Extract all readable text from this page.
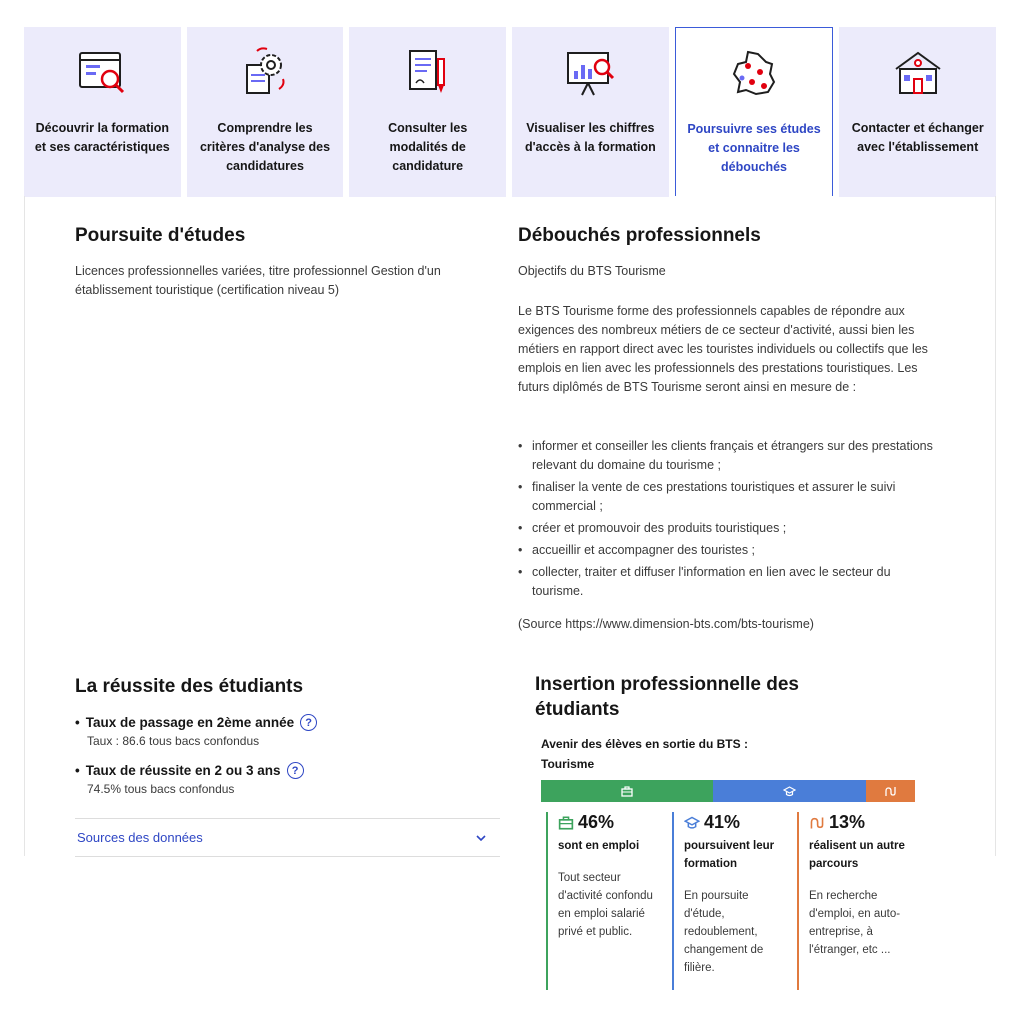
Découvrir la formation et ses caractéristiques
Comprendre les critères d'analyse des candidatures
Consulter les modalités de candidature
Visualiser les chiffres d'accès à la formation
Poursuivre ses études et connaitre les débouchés
Contacter et échanger avec l'établissement
Poursuite d'études

Licences professionnelles variées, titre professionnel Gestion d'un établissement touristique (certification niveau 5)

Débouchés professionnels

Objectifs du BTS Tourisme

Le BTS Tourisme forme des professionnels capables de répondre aux exigences des nombreux métiers de ce secteur d'activité, aussi bien les métiers en rapport direct avec les touristes individuels ou collectifs que les emplois en lien avec les professionnels des prestations touristiques. Les futurs diplômés de BTS Tourisme seront ainsi en mesure de :

• informer et conseiller les clients français et étrangers sur des prestations relevant du domaine du tourisme ;
• finaliser la vente de ces prestations touristiques et assurer le suivi commercial ;
• créer et promouvoir des produits touristiques ;
• accueillir et accompagner des touristes ;
• collecter, traiter et diffuser l'information en lien avec le secteur du tourisme.

(Source https://www.dimension-bts.com/bts-tourisme)

La réussite des étudiants
• Taux de passage en 2ème année	?
Taux : 86.6 tous bacs confondus
• Taux de réussite en 2 ou 3 ans	?
74.5% tous bacs confondus
Sources des données
Insertion professionnelle des étudiants

Avenir des élèves en sortie du BTS : Tourisme

46%
sont en emploi
Tout secteur d'activité confondu en emploi salarié privé et public.
41%
poursuivent leur formation
En poursuite d'étude, redoublement, changement de filière.
13%
réalisent un autre parcours
En recherche d'emploi, en auto-entreprise, à l'étranger, etc ...
